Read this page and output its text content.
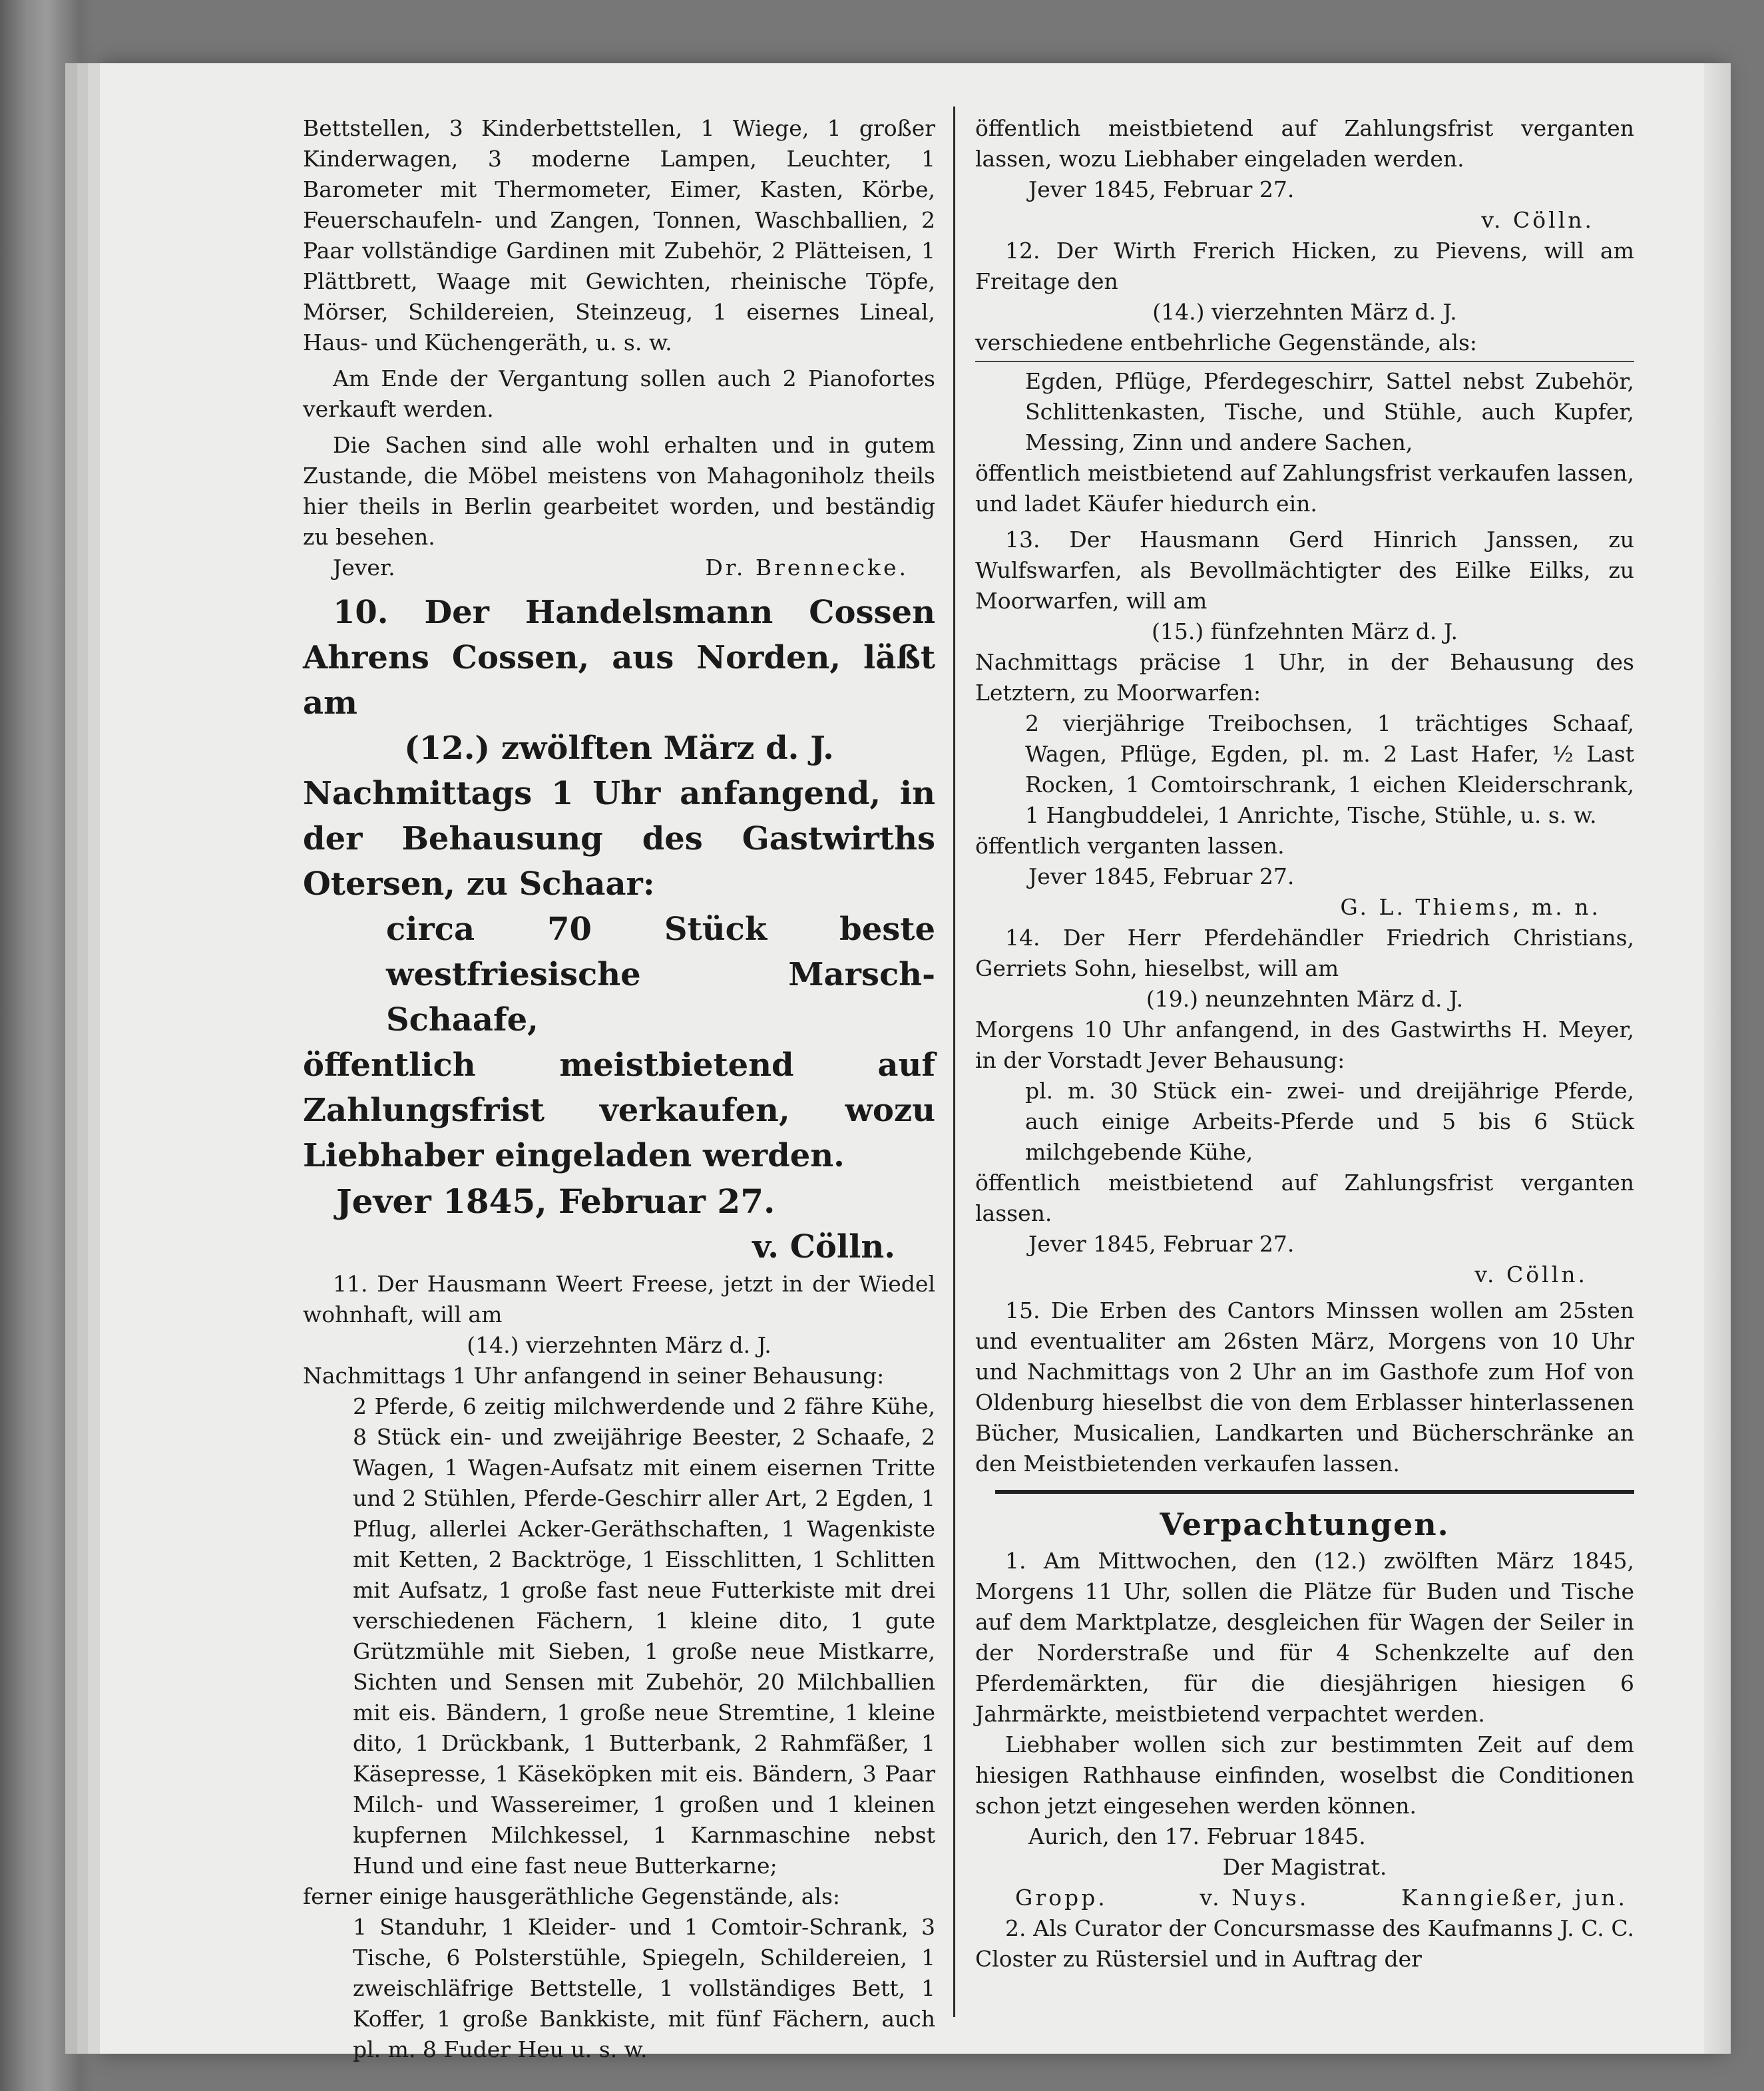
Bettstellen, 3 Kinderbettstellen, 1 Wiege, 1 großer Kinderwagen, 3 moderne Lampen, Leuchter, 1 Barometer mit Thermometer, Eimer, Kasten, Körbe, Feuerschaufeln- und Zangen, Tonnen, Waschballien, 2 Paar vollständige Gardinen mit Zubehör, 2 Plätteisen, 1 Plättbrett, Waage mit Gewichten, rheinische Töpfe, Mörser, Schildereien, Steinzeug, 1 eisernes Lineal, Haus- und Küchengeräth, u. s. w.

Am Ende der Vergantung sollen auch 2 Pianofortes verkauft werden.

Die Sachen sind alle wohl erhalten und in gutem Zustande, die Möbel meistens von Mahagoniholz theils hier theils in Berlin gearbeitet worden, und beständig zu besehen.

Jever.	Dr. Brennecke.

10. Der Handelsmann Cossen Ahrens Cossen, aus Norden, läßt am

(12.) zwölften März d. J.

Nachmittags 1 Uhr anfangend, in der Behausung des Gastwirths Otersen, zu Schaar:

circa 70 Stück beste westfriesische Marsch-Schaafe,

öffentlich meistbietend auf Zahlungsfrist verkaufen, wozu Liebhaber eingeladen werden.

Jever 1845, Februar 27.

v. Cölln.

11. Der Hausmann Weert Freese, jetzt in der Wiedel wohnhaft, will am

(14.) vierzehnten März d. J.

Nachmittags 1 Uhr anfangend in seiner Behausung:

2 Pferde, 6 zeitig milchwerdende und 2 fähre Kühe, 8 Stück ein- und zweijährige Beester, 2 Schaafe, 2 Wagen, 1 Wagen-Aufsatz mit einem eisernen Tritte und 2 Stühlen, Pferde-Geschirr aller Art, 2 Egden, 1 Pflug, allerlei Acker-Geräthschaften, 1 Wagenkiste mit Ketten, 2 Backtröge, 1 Eisschlitten, 1 Schlitten mit Aufsatz, 1 große fast neue Futterkiste mit drei verschiedenen Fächern, 1 kleine dito, 1 gute Grützmühle mit Sieben, 1 große neue Mistkarre, Sichten und Sensen mit Zubehör, 20 Milchballien mit eis. Bändern, 1 große neue Stremtine, 1 kleine dito, 1 Drückbank, 1 Butterbank, 2 Rahmfäßer, 1 Käsepresse, 1 Käseköpken mit eis. Bändern, 3 Paar Milch- und Wassereimer, 1 großen und 1 kleinen kupfernen Milchkessel, 1 Karnmaschine nebst Hund und eine fast neue Butterkarne;

ferner einige hausgeräthliche Gegenstände, als:

1 Standuhr, 1 Kleider- und 1 Comtoir-Schrank, 3 Tische, 6 Polsterstühle, Spiegeln, Schildereien, 1 zweischläfrige Bettstelle, 1 vollständiges Bett, 1 Koffer, 1 große Bankkiste, mit fünf Fächern, auch pl. m. 8 Fuder Heu u. s. w.

öffentlich meistbietend auf Zahlungsfrist verganten lassen, wozu Liebhaber eingeladen werden.

Jever 1845, Februar 27.

v. Cölln.

12. Der Wirth Frerich Hicken, zu Pievens, will am Freitage den

(14.) vierzehnten März d. J.

verschiedene entbehrliche Gegenstände, als:

Egden, Pflüge, Pferdegeschirr, Sattel nebst Zubehör, Schlittenkasten, Tische, und Stühle, auch Kupfer, Messing, Zinn und andere Sachen,

öffentlich meistbietend auf Zahlungsfrist verkaufen lassen, und ladet Käufer hiedurch ein.

13. Der Hausmann Gerd Hinrich Janssen, zu Wulfswarfen, als Bevollmächtigter des Eilke Eilks, zu Moorwarfen, will am

(15.) fünfzehnten März d. J.

Nachmittags präcise 1 Uhr, in der Behausung des Letztern, zu Moorwarfen:

2 vierjährige Treibochsen, 1 trächtiges Schaaf, Wagen, Pflüge, Egden, pl. m. 2 Last Hafer, ½ Last Rocken, 1 Comtoirschrank, 1 eichen Kleiderschrank, 1 Hangbuddelei, 1 Anrichte, Tische, Stühle, u. s. w.

öffentlich verganten lassen.

Jever 1845, Februar 27.

G. L. Thiems, m. n.

14. Der Herr Pferdehändler Friedrich Christians, Gerriets Sohn, hieselbst, will am

(19.) neunzehnten März d. J.

Morgens 10 Uhr anfangend, in des Gastwirths H. Meyer, in der Vorstadt Jever Behausung:

pl. m. 30 Stück ein- zwei- und dreijährige Pferde, auch einige Arbeits-Pferde und 5 bis 6 Stück milchgebende Kühe,

öffentlich meistbietend auf Zahlungsfrist verganten lassen.

Jever 1845, Februar 27.

v. Cölln.

15. Die Erben des Cantors Minssen wollen am 25sten und eventualiter am 26sten März, Morgens von 10 Uhr und Nachmittags von 2 Uhr an im Gasthofe zum Hof von Oldenburg hieselbst die von dem Erblasser hinterlassenen Bücher, Musicalien, Landkarten und Bücherschränke an den Meistbietenden verkaufen lassen.

Verpachtungen.

1. Am Mittwochen, den (12.) zwölften März 1845, Morgens 11 Uhr, sollen die Plätze für Buden und Tische auf dem Marktplatze, desgleichen für Wagen der Seiler in der Norderstraße und für 4 Schenkzelte auf den Pferdemärkten, für die diesjährigen hiesigen 6 Jahrmärkte, meistbietend verpachtet werden.

Liebhaber wollen sich zur bestimmten Zeit auf dem hiesigen Rathhause einfinden, woselbst die Conditionen schon jetzt eingesehen werden können.

Aurich, den 17. Februar 1845.

Der Magistrat.

Gropp.	v. Nuys.	Kanngießer, jun.

2. Als Curator der Concursmasse des Kaufmanns J. C. C. Closter zu Rüstersiel und in Auftrag der
